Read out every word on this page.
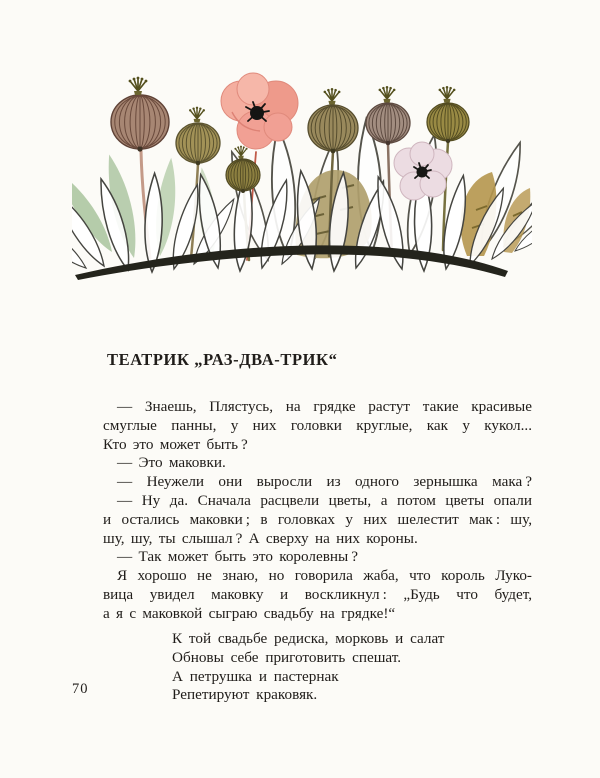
ТЕАТРИК „РАЗ-ДВА-ТРИК“
— Знаешь, Плястусь, на грядке растут такие красивые
смуглые панны, у них головки круглые, как у кукол...
Кто это может быть ?
— Это маковки.
— Неужели они выросли из одного зернышка мака ?
— Ну да. Сначала расцвели цветы, а потом цветы опали
и остались маковки ; в головках у них шелестит мак : шу,
шу, шу, ты слышал ? А сверху на них короны.
— Так может быть это королевны ?
Я хорошо не знаю, но говорила жаба, что король Луко-
вица увидел маковку и воскликнул : „Будь что будет,
а я с маковкой сыграю свадьбу на грядке!“
К той свадьбе редиска, морковь и салат
Обновы себе приготовить спешат.
А петрушка и пастернак
Репетируют краковяк.
70
